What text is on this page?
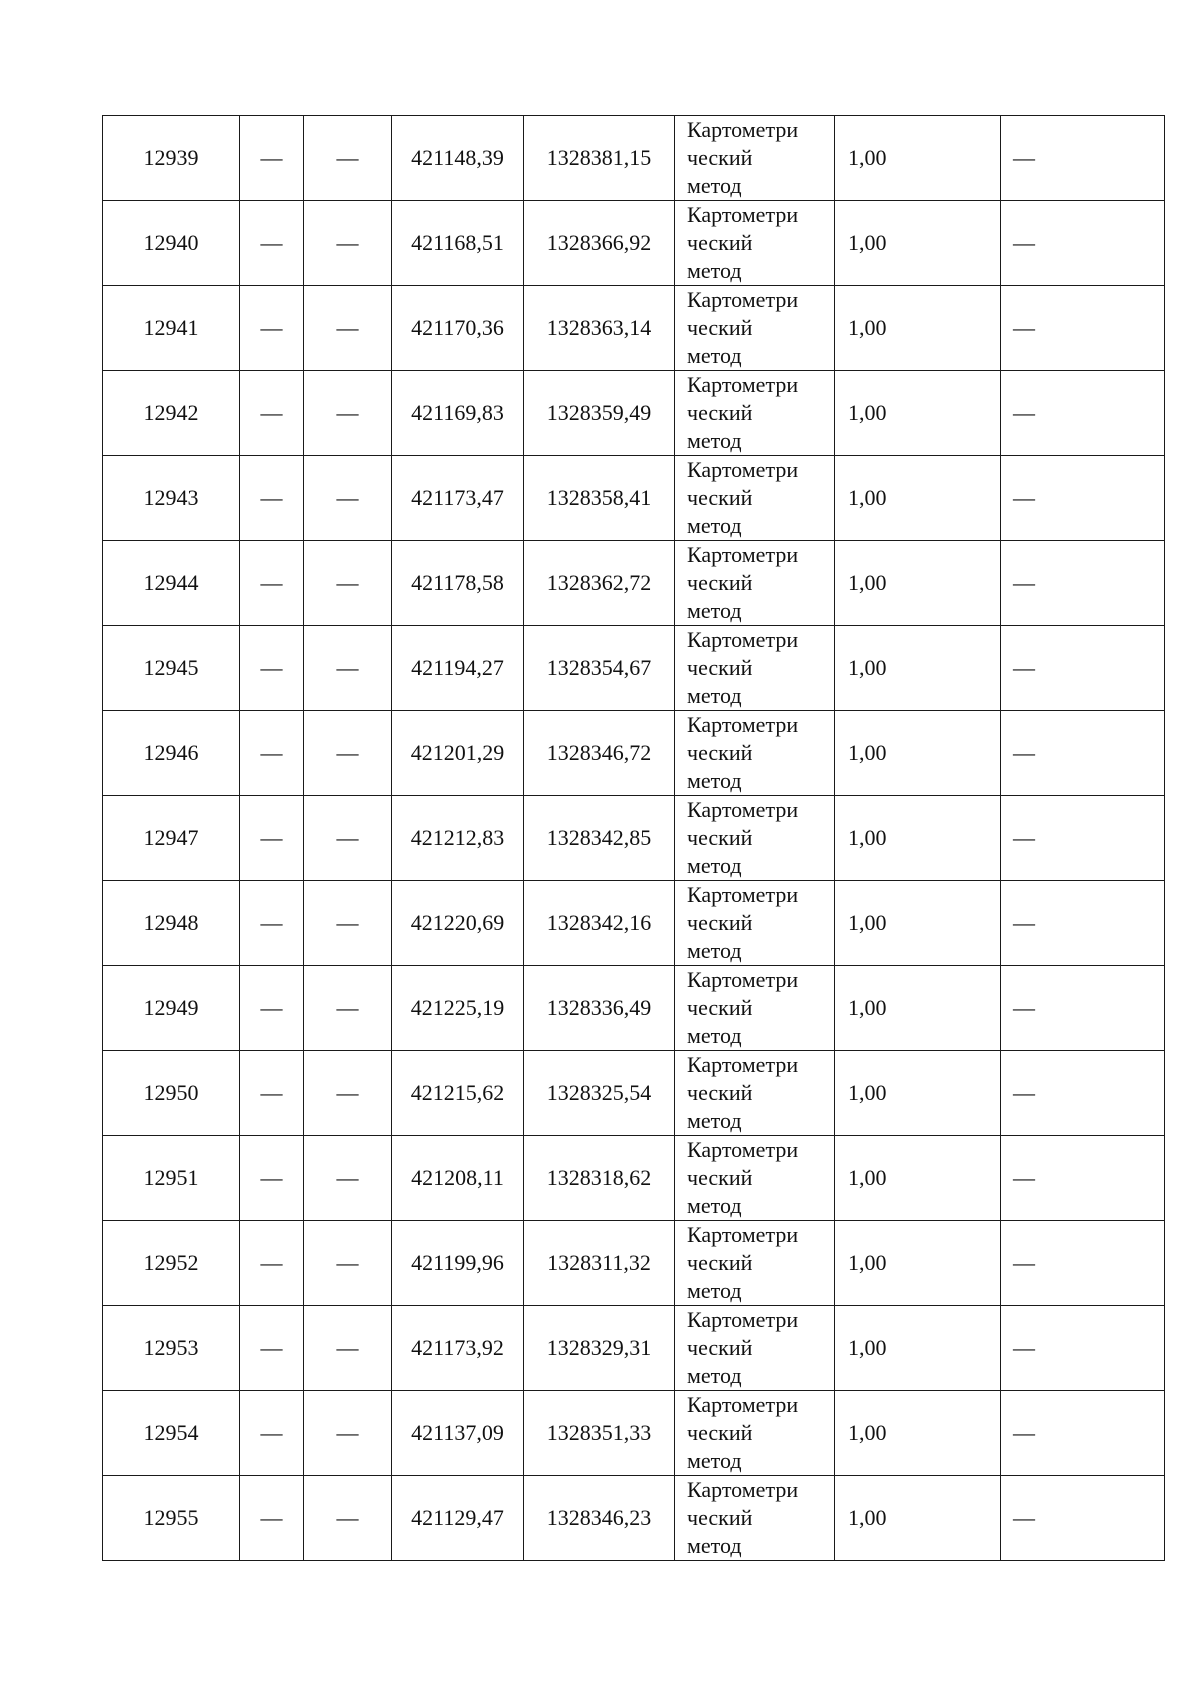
12939	—	—	421148,39	1328381,15	Картометри
ческий
метод	1,00	—
12940	—	—	421168,51	1328366,92	Картометри
ческий
метод	1,00	—
12941	—	—	421170,36	1328363,14	Картометри
ческий
метод	1,00	—
12942	—	—	421169,83	1328359,49	Картометри
ческий
метод	1,00	—
12943	—	—	421173,47	1328358,41	Картометри
ческий
метод	1,00	—
12944	—	—	421178,58	1328362,72	Картометри
ческий
метод	1,00	—
12945	—	—	421194,27	1328354,67	Картометри
ческий
метод	1,00	—
12946	—	—	421201,29	1328346,72	Картометри
ческий
метод	1,00	—
12947	—	—	421212,83	1328342,85	Картометри
ческий
метод	1,00	—
12948	—	—	421220,69	1328342,16	Картометри
ческий
метод	1,00	—
12949	—	—	421225,19	1328336,49	Картометри
ческий
метод	1,00	—
12950	—	—	421215,62	1328325,54	Картометри
ческий
метод	1,00	—
12951	—	—	421208,11	1328318,62	Картометри
ческий
метод	1,00	—
12952	—	—	421199,96	1328311,32	Картометри
ческий
метод	1,00	—
12953	—	—	421173,92	1328329,31	Картометри
ческий
метод	1,00	—
12954	—	—	421137,09	1328351,33	Картометри
ческий
метод	1,00	—
12955	—	—	421129,47	1328346,23	Картометри
ческий
метод	1,00	—
